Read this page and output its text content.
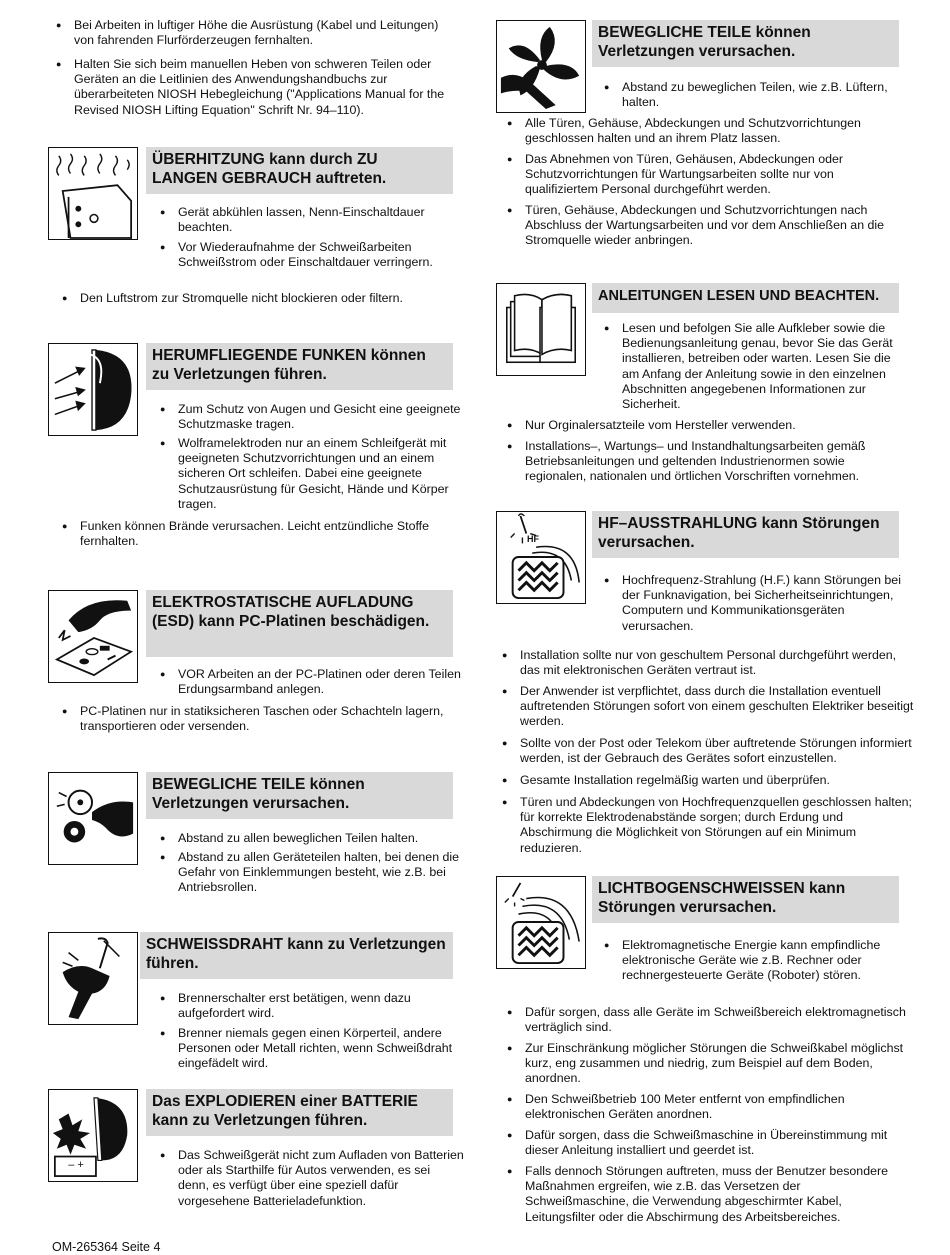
● Bei Arbeiten in luftiger Höhe die Ausrüstung (Kabel und Leitungen) von fahrenden Flurförderzeugen fernhalten.
● Halten Sie sich beim manuellen Heben von schweren Teilen oder Geräten an die Leitlinien des Anwendungshandbuchs zur überarbeiteten NIOSH Hebegleichung ("Applications Manual for the Revised NIOSH Lifting Equation" Schrift Nr. 94–110).
ÜBERHITZUNG kann durch ZU LANGEN GEBRAUCH auftreten.
● Gerät abkühlen lassen, Nenn-Einschaltdauer beachten.
● Vor Wiederaufnahme der Schweißarbeiten Schweißstrom oder Einschaltdauer verringern.
● Den Luftstrom zur Stromquelle nicht blockieren oder filtern.
HERUMFLIEGENDE FUNKEN können zu Verletzungen führen.
● Zum Schutz von Augen und Gesicht eine geeignete Schutzmaske tragen.
● Wolframelektroden nur an einem Schleifgerät mit geeigneten Schutzvorrichtungen und an einem sicheren Ort schleifen. Dabei eine geeignete Schutzausrüstung für Gesicht, Hände und Körper tragen.
● Funken können Brände verursachen. Leicht entzündliche Stoffe fernhalten.
ELEKTROSTATISCHE AUFLADUNG (ESD) kann PC-Platinen beschädigen.
● VOR Arbeiten an der PC-Platinen oder deren Teilen Erdungsarmband anlegen.
● PC-Platinen nur in statiksicheren Taschen oder Schachteln lagern, transportieren oder versenden.
BEWEGLICHE TEILE können Verletzungen verursachen.
● Abstand zu allen beweglichen Teilen halten.
● Abstand zu allen Geräteteilen halten, bei denen die Gefahr von Einklemmungen besteht, wie z.B. bei Antriebsrollen.
SCHWEISSDRAHT kann zu Verletzungen führen.
● Brennerschalter erst betätigen, wenn dazu aufgefordert wird.
● Brenner niemals gegen einen Körperteil, andere Personen oder Metall richten, wenn Schweißdraht eingefädelt wird.
– +
Das EXPLODIEREN einer BATTERIE kann zu Verletzungen führen.
● Das Schweißgerät nicht zum Aufladen von Batterien oder als Starthilfe für Autos verwenden, es sei denn, es verfügt über eine speziell dafür vorgesehene Batterieladefunktion.
BEWEGLICHE TEILE können Verletzungen verursachen.
● Abstand zu beweglichen Teilen, wie z.B. Lüftern, halten.
● Alle Türen, Gehäuse, Abdeckungen und Schutzvorrichtungen geschlossen halten und an ihrem Platz lassen.
● Das Abnehmen von Türen, Gehäusen, Abdeckungen oder Schutzvorrichtungen für Wartungsarbeiten sollte nur von qualifiziertem Personal durchgeführt werden.
● Türen, Gehäuse, Abdeckungen und Schutzvorrichtungen nach Abschluss der Wartungsarbeiten und vor dem Anschließen an die Stromquelle wieder anbringen.
ANLEITUNGEN LESEN UND BEACHTEN.
● Lesen und befolgen Sie alle Aufkleber sowie die Bedienungsanleitung genau, bevor Sie das Gerät installieren, betreiben oder warten. Lesen Sie die am Anfang der Anleitung sowie in den einzelnen Abschnitten angegebenen Informationen zur Sicherheit.
● Nur Orginalersatzteile vom Hersteller verwenden.
● Installations–, Wartungs– und Instandhaltungsarbeiten gemäß Betriebsanleitungen und geltenden Industrienormen sowie regionalen, nationalen und örtlichen Vorschriften vornehmen.
HF
HF–AUSSTRAHLUNG kann Störungen verursachen.
● Hochfrequenz-Strahlung (H.F.) kann Störungen bei der Funknavigation, bei Sicherheitseinrichtungen, Computern und Kommunikationsgeräten verursachen.
● Installation sollte nur von geschultem Personal durchgeführt werden, das mit elektronischen Geräten vertraut ist.
● Der Anwender ist verpflichtet, dass durch die Installation eventuell auftretenden Störungen sofort von einem geschulten Elektriker beseitigt werden.
● Sollte von der Post oder Telekom über auftretende Störungen informiert werden, ist der Gebrauch des Gerätes sofort einzustellen.
● Gesamte Installation regelmäßig warten und überprüfen.
● Türen und Abdeckungen von Hochfrequenzquellen geschlossen halten; für korrekte Elektrodenabstände sorgen; durch Erdung und Abschirmung die Möglichkeit von Störungen auf ein Minimum reduzieren.
LICHTBOGENSCHWEISSEN kann Störungen verursachen.
● Elektromagnetische Energie kann empfindliche elektronische Geräte wie z.B. Rechner oder rechnergesteuerte Geräte (Roboter) stören.
● Dafür sorgen, dass alle Geräte im Schweißbereich elektromagnetisch verträglich sind.
● Zur Einschränkung möglicher Störungen die Schweißkabel möglichst kurz, eng zusammen und niedrig, zum Beispiel auf dem Boden, anordnen.
● Den Schweißbetrieb 100 Meter entfernt von empfindlichen elektronischen Geräten anordnen.
● Dafür sorgen, dass die Schweißmaschine in Übereinstimmung mit dieser Anleitung installiert und geerdet ist.
● Falls dennoch Störungen auftreten, muss der Benutzer besondere Maßnahmen ergreifen, wie z.B. das Versetzen der Schweißmaschine, die Verwendung abgeschirmter Kabel, Leitungsfilter oder die Abschirmung des Arbeitsbereiches.
OM-265364 Seite 4
